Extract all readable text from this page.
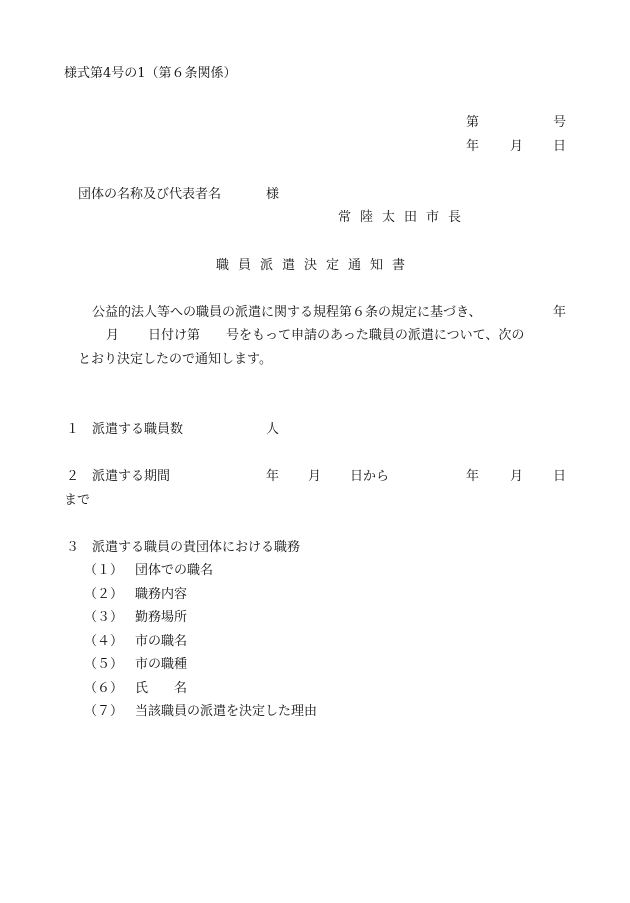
様式第4号の1（第６条関係）
第	号
年 月 日
団体の名称及び代表者名	様
常陸太田市長
職員派遣決定通知書
公益的法人等への職員の派遣に関する規程第６条の規定に基づき、	年
月 日付け第　　号をもって申請のあった職員の派遣について、次の
とおり決定したので通知します。
１ 派遣する職員数	人
２ 派遣する期間	年 月 日から	年 月 日
まで
３ 派遣する職員の貴団体における職務
（１） 団体での職名
（２） 職務内容
（３） 勤務場所
（４） 市の職名
（５） 市の職種
（６） 氏　　名
（７） 当該職員の派遣を決定した理由
